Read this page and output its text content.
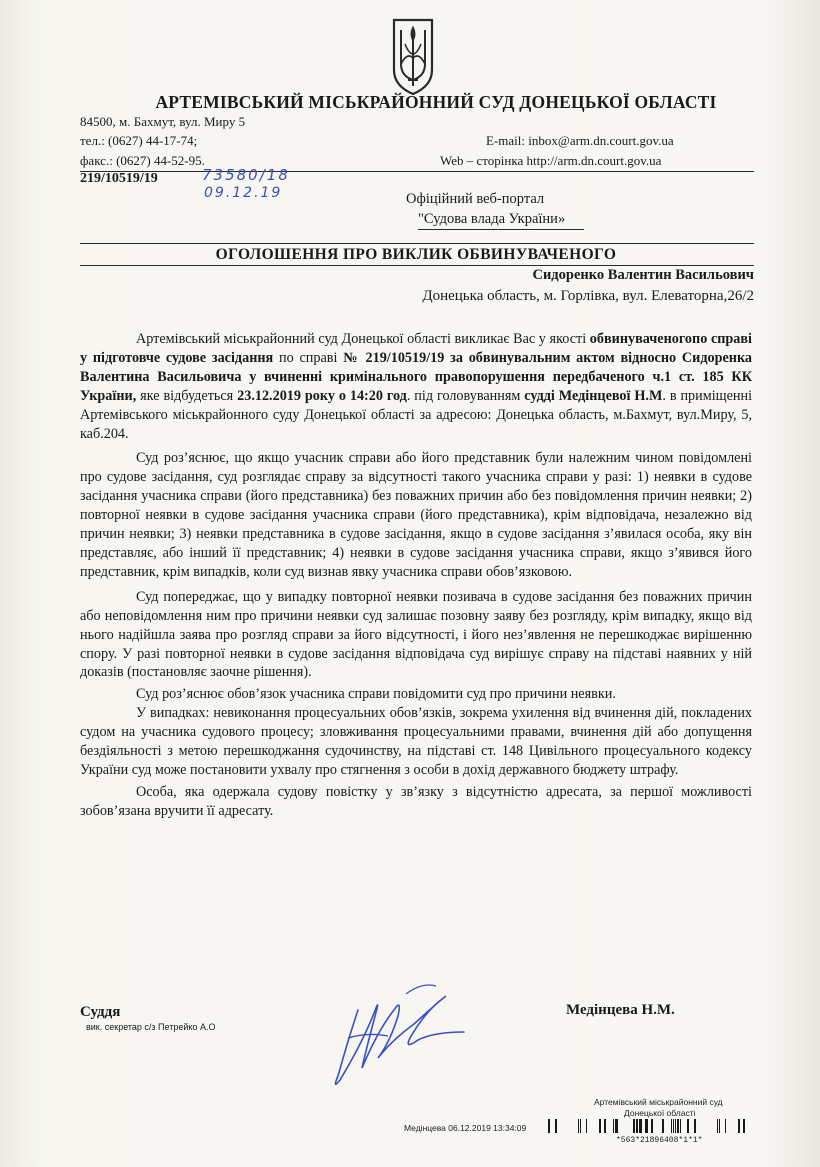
АРТЕМІВСЬКИЙ МІСЬКРАЙОННИЙ СУД ДОНЕЦЬКОЇ ОБЛАСТІ
84500, м. Бахмут, вул. Миру 5
тел.: (0627) 44-17-74;	E-mail: inbox@arm.dn.court.gov.ua
факс.: (0627) 44-52-95.	Web – сторінка http://arm.dn.court.gov.ua
219/10519/19	73580/18
09.12.19	Офіційний веб-портал
"Судова влада України»
ОГОЛОШЕННЯ ПРО ВИКЛИК ОБВИНУВАЧЕНОГО
Сидоренко Валентин Васильович
Донецька область, м. Горлівка, вул. Елеваторна,26/2

Артемівський міськрайонний суд Донецької області викликає Вас у якості обвинуваченогопо справі у підготовче судове засідання по справі № 219/10519/19 за обвинувальним актом відносно Сидоренка Валентина Васильовича у вчиненні кримінального правопорушення передбаченого ч.1 ст. 185 КК України, яке відбудеться 23.12.2019 року о 14:20 год. під головуванням судді Медінцевої Н.М. в приміщенні Артемівського міськрайонного суду Донецької області за адресою: Донецька область, м.Бахмут, вул.Миру, 5, каб.204.

Суд роз’яснює, що якщо учасник справи або його представник були належним чином повідомлені про судове засідання, суд розглядає справу за відсутності такого учасника справи у разі: 1) неявки в судове засідання учасника справи (його представника) без поважних причин або без повідомлення причин неявки; 2) повторної неявки в судове засідання учасника справи (його представника), крім відповідача, незалежно від причин неявки; 3) неявки представника в судове засідання, якщо в судове засідання з’явилася особа, яку він представляє, або інший її представник; 4) неявки в судове засідання учасника справи, якщо з’явився його представник, крім випадків, коли суд визнав явку учасника справи обов’язковою.

Суд попереджає, що у випадку повторної неявки позивача в судове засідання без поважних причин або неповідомлення ним про причини неявки суд залишає позовну заяву без розгляду, крім випадку, якщо від нього надійшла заява про розгляд справи за його відсутності, і його нез’явлення не перешкоджає вирішенню спору. У разі повторної неявки в судове засідання відповідача суд вирішує справу на підставі наявних у ній доказів (постановляє заочне рішення).

Суд роз’яснює обов’язок учасника справи повідомити суд про причини неявки.

У випадках: невиконання процесуальних обов’язків, зокрема ухилення від вчинення дій, покладених судом на учасника судового процесу; зловживання процесуальними правами, вчинення дій або допущення бездіяльності з метою перешкоджання судочинству, на підставі ст. 148 Цивільного процесуального кодексу України суд може постановити ухвалу про стягнення з особи в дохід державного бюджету штрафу.

Особа, яка одержала судову повістку у зв’язку з відсутністю адресата, за першої можливості зобов’язана вручити її адресату.

Суддя
вик. секретар с/з Петрейко А.О
Медінцева Н.М.
Артемівський міськрайонний суд
Донецької області
Медінцева 06.12.2019 13:34:09
*563*21896408*1*1*
